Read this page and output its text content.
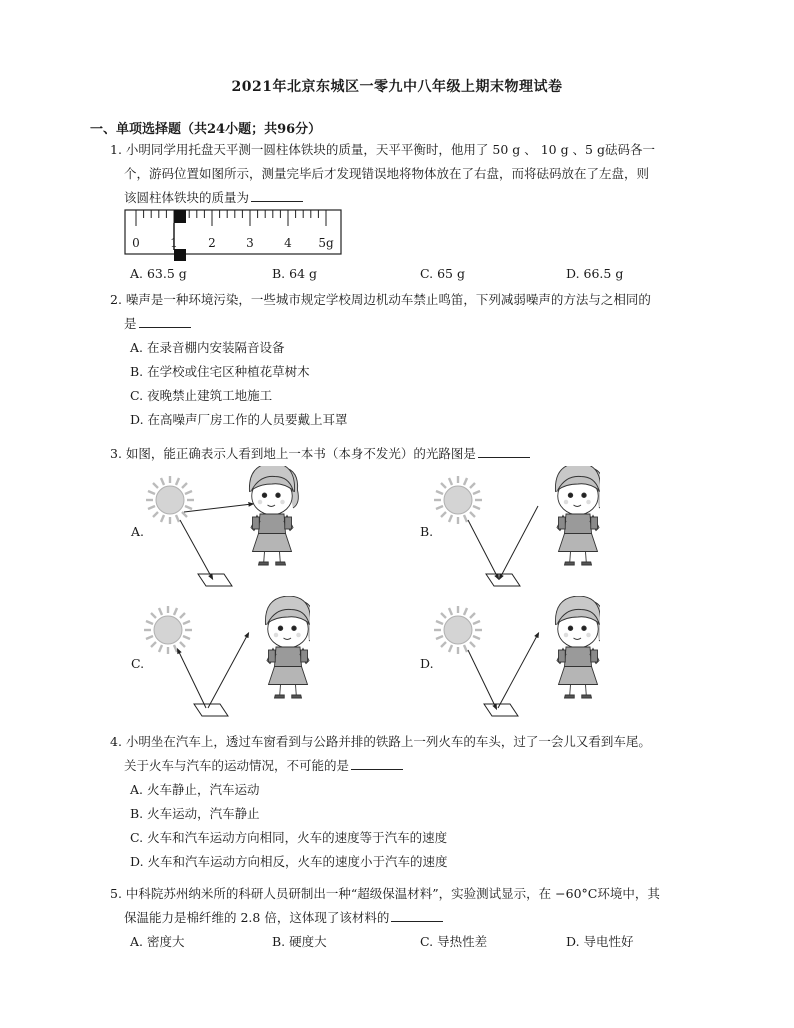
2021年北京东城区一零九中八年级上期末物理试卷
一、单项选择题（共24小题；共96分）
1. 小明同学用托盘天平测一圆柱体铁块的质量，天平平衡时，他用了 50 g 、 10 g 、5 g砝码各一
个，游码位置如图所示，测量完毕后才发现错误地将物体放在了右盘，而将砝码放在了左盘，则
该圆柱体铁块的质量为
0	1	2	3	4 5g
A. 63.5 g	B. 64 g	C. 65 g	D. 66.5 g
2. 噪声是一种环境污染，一些城市规定学校周边机动车禁止鸣笛，下列减弱噪声的方法与之相同的
是
A. 在录音棚内安装隔音设备
B. 在学校或住宅区种植花草树木
C. 夜晚禁止建筑工地施工
D. 在高噪声厂房工作的人员要戴上耳罩
3. 如图，能正确表示人看到地上一本书（本身不发光）的光路图是
A.	B.
C.	D.
4. 小明坐在汽车上，透过车窗看到与公路并排的铁路上一列火车的车头，过了一会儿又看到车尾。
关于火车与汽车的运动情况，不可能的是
A. 火车静止，汽车运动
B. 火车运动，汽车静止
C. 火车和汽车运动方向相同，火车的速度等于汽车的速度
D. 火车和汽车运动方向相反，火车的速度小于汽车的速度
5. 中科院苏州纳米所的科研人员研制出一种“超级保温材料”，实验测试显示，在 −60°C环境中，其
保温能力是棉纤维的 2.8 倍，这体现了该材料的
A. 密度大	B. 硬度大	C. 导热性差	D. 导电性好
